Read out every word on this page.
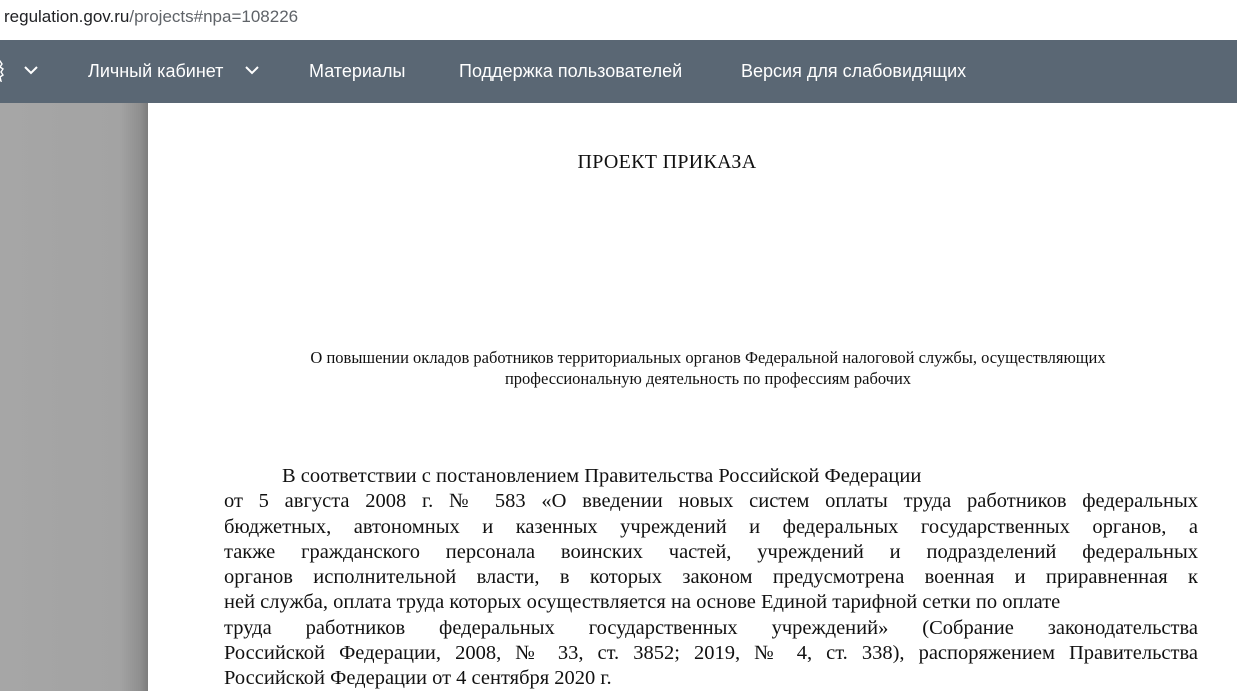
regulation.gov.ru/projects#npa=108226
Личный кабинет	Материалы	Поддержка пользователей	Версия для слабовидящих
ПРОЕКТ ПРИКАЗА
О повышении окладов работников территориальных органов Федеральной налоговой службы, осуществляющих
профессиональную деятельность по профессиям рабочих
В соответствии с постановлением Правительства Российской Федерации
от 5 августа 2008 г. № 583 «О введении новых систем оплаты труда работников федеральных
бюджетных, автономных и казенных учреждений и федеральных государственных органов, а
также гражданского персонала воинских частей, учреждений и подразделений федеральных
органов исполнительной власти, в которых законом предусмотрена военная и приравненная к
ней служба, оплата труда которых осуществляется на основе Единой тарифной сетки по оплате
труда работников федеральных государственных учреждений» (Собрание законодательства
Российской Федерации, 2008, № 33, ст. 3852; 2019, № 4, ст. 338), распоряжением Правительства
Российской Федерации от 4 сентября 2020 г.
